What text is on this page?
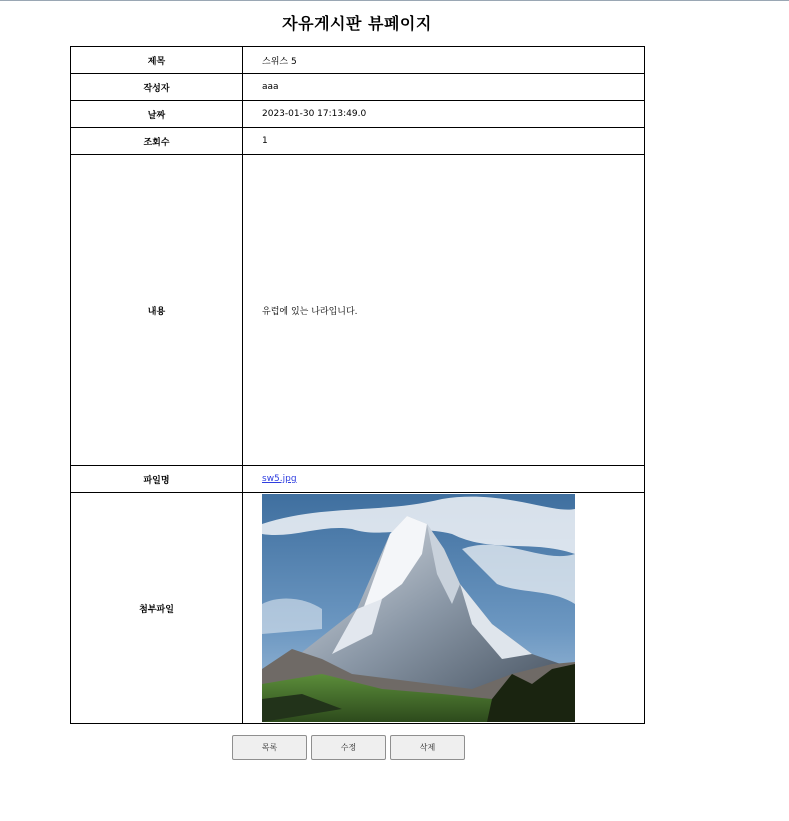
자유게시판 뷰페이지
제목	스위스 5
작성자	aaa
날짜	2023-01-30 17:13:49.0
조회수	1
내용	유럽에 있는 나라입니다.
파일명	sw5.jpg
첨부파일	
목록	수정	삭제
